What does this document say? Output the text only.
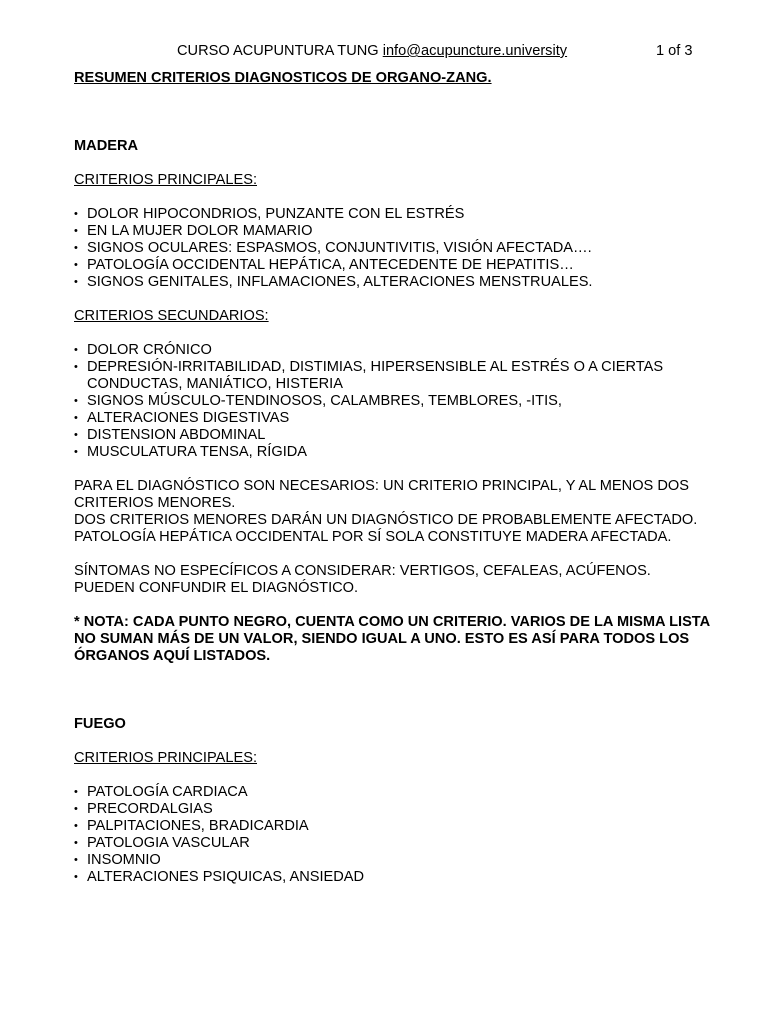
CURSO ACUPUNTURA TUNG info@acupuncture.university	1 of 3

RESUMEN CRITERIOS DIAGNOSTICOS DE ORGANO-ZANG.

MADERA

CRITERIOS PRINCIPALES:

• DOLOR HIPOCONDRIOS, PUNZANTE CON EL ESTRÉS
• EN LA MUJER DOLOR MAMARIO
• SIGNOS OCULARES: ESPASMOS, CONJUNTIVITIS, VISIÓN AFECTADA….
• PATOLOGÍA OCCIDENTAL HEPÁTICA, ANTECEDENTE DE HEPATITIS…
• SIGNOS GENITALES, INFLAMACIONES, ALTERACIONES MENSTRUALES.

CRITERIOS SECUNDARIOS:

• DOLOR CRÓNICO
• DEPRESIÓN-IRRITABILIDAD, DISTIMIAS, HIPERSENSIBLE AL ESTRÉS O A CIERTAS CONDUCTAS, MANIÁTICO, HISTERIA
• SIGNOS MÚSCULO-TENDINOSOS, CALAMBRES, TEMBLORES, -ITIS,
• ALTERACIONES DIGESTIVAS
• DISTENSION ABDOMINAL
• MUSCULATURA TENSA, RÍGIDA

PARA EL DIAGNÓSTICO SON NECESARIOS: UN CRITERIO PRINCIPAL, Y AL MENOS DOS CRITERIOS MENORES.

DOS CRITERIOS MENORES DARÁN UN DIAGNÓSTICO DE PROBABLEMENTE AFECTADO.

PATOLOGÍA HEPÁTICA OCCIDENTAL POR SÍ SOLA CONSTITUYE MADERA AFECTADA.

SÍNTOMAS NO ESPECÍFICOS A CONSIDERAR: VERTIGOS, CEFALEAS, ACÚFENOS. PUEDEN CONFUNDIR EL DIAGNÓSTICO.

* NOTA: CADA PUNTO NEGRO, CUENTA COMO UN CRITERIO. VARIOS DE LA MISMA LISTA NO SUMAN MÁS DE UN VALOR, SIENDO IGUAL A UNO. ESTO ES ASÍ PARA TODOS LOS ÓRGANOS AQUÍ LISTADOS.

FUEGO

CRITERIOS PRINCIPALES:

• PATOLOGÍA CARDIACA
• PRECORDALGIAS
• PALPITACIONES, BRADICARDIA
• PATOLOGIA VASCULAR
• INSOMNIO
• ALTERACIONES PSIQUICAS, ANSIEDAD
